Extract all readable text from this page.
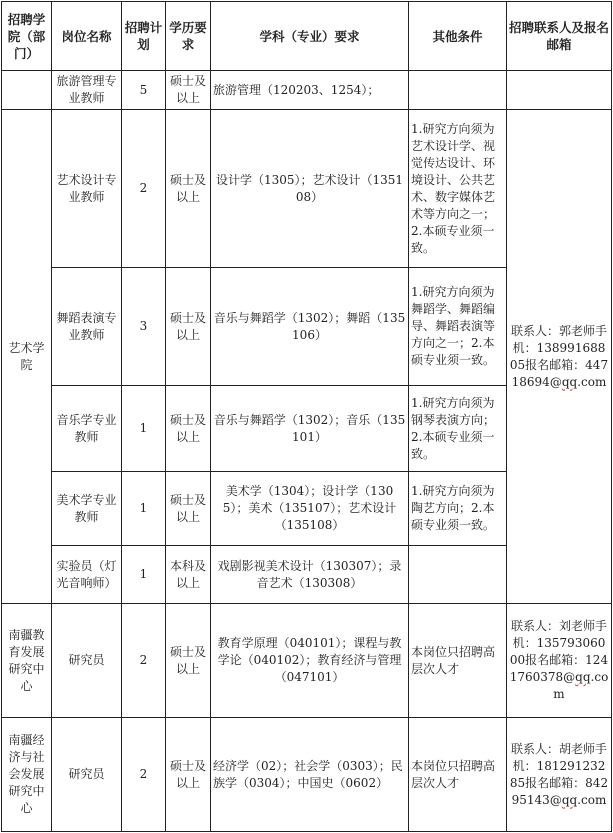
招聘学院（部门）	岗位名称	招聘计划	学历要求	学科（专业）要求	其他条件	招聘联系人及报名邮箱
	旅游管理专业教师	5	硕士及以上	旅游管理（120203、1254）；		
艺术学院	艺术设计专业教师	2	硕士及以上	设计学（1305）；艺术设计（135108）	1.研究方向须为艺术设计学、视觉传达设计、环境设计、公共艺术、数字媒体艺术等方向之一；2.本硕专业须一致。	联系人：郭老师手机：13899168805报名邮箱：44718694@qq.com
	舞蹈表演专业教师	3	硕士及以上	音乐与舞蹈学（1302）；舞蹈（135106）	1.研究方向须为舞蹈学、舞蹈编导、舞蹈表演等方向之一；2.本硕专业须一致。	
	音乐学专业教师	1	硕士及以上	音乐与舞蹈学（1302）；音乐（135101）	1.研究方向须为钢琴表演方向；2.本硕专业须一致。	
	美术学专业教师	1	硕士及以上	美术学（1304）；设计学（1305）；美术（135107）；艺术设计（135108）	1.研究方向须为陶艺方向；2.本硕专业须一致。	
	实验员（灯光音响师）	1	本科及以上	戏剧影视美术设计（130307）；录音艺术（130308）		
南疆教育发展研究中心	研究员	2	硕士及以上	教育学原理（040101）；课程与教学论（040102）；教育经济与管理（047101）	本岗位只招聘高层次人才	联系人：刘老师手机：13579306000报名邮箱：1241760378@qq.com
南疆经济与社会发展研究中心	研究员	2	硕士及以上	经济学（02）；社会学（0303）；民族学（0304）；中国史（0602）	本岗位只招聘高层次人才	联系人：胡老师手机：18129123285报名邮箱：84295143@qq.com
